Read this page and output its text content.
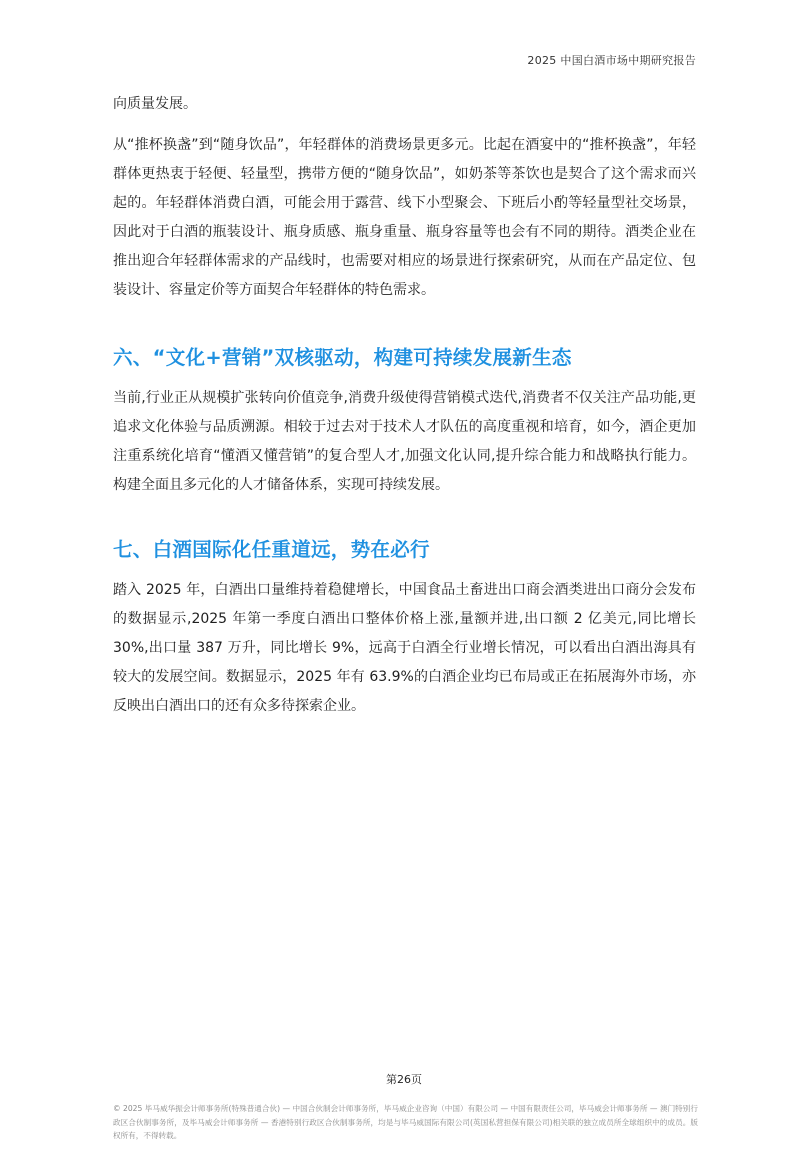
2025 中国白酒市场中期研究报告

向质量发展。

从“推杯换盏”到“随身饮品”，年轻群体的消费场景更多元。比起在酒宴中的“推杯换盏”，年轻群体更热衷于轻便、轻量型，携带方便的“随身饮品”，如奶茶等茶饮也是契合了这个需求而兴起的。年轻群体消费白酒，可能会用于露营、线下小型聚会、下班后小酌等轻量型社交场景，因此对于白酒的瓶装设计、瓶身质感、瓶身重量、瓶身容量等也会有不同的期待。酒类企业在推出迎合年轻群体需求的产品线时，也需要对相应的场景进行探索研究，从而在产品定位、包装设计、容量定价等方面契合年轻群体的特色需求。

六、“文化+营销”双核驱动，构建可持续发展新生态

当前,行业正从规模扩张转向价值竞争,消费升级使得营销模式迭代,消费者不仅关注产品功能,更追求文化体验与品质溯源。相较于过去对于技术人才队伍的高度重视和培育，如今，酒企更加注重系统化培育“懂酒又懂营销”的复合型人才,加强文化认同,提升综合能力和战略执行能力。构建全面且多元化的人才储备体系，实现可持续发展。

七、白酒国际化任重道远，势在必行

踏入 2025 年，白酒出口量维持着稳健增长，中国食品土畜进出口商会酒类进出口商分会发布的数据显示,2025 年第一季度白酒出口整体价格上涨,量额并进,出口额 2 亿美元,同比增长 30%,出口量 387 万升，同比增长 9%，远高于白酒全行业增长情况，可以看出白酒出海具有较大的发展空间。数据显示，2025 年有 63.9%的白酒企业均已布局或正在拓展海外市场，亦反映出白酒出口的还有众多待探索企业。

第26页
© 2025 毕马威华振会计师事务所(特殊普通合伙) — 中国合伙制会计师事务所，毕马威企业咨询（中国）有限公司 — 中国有限责任公司，毕马威会计师事务所 — 澳门特别行政区合伙制事务所，及毕马威会计师事务所 — 香港特别行政区合伙制事务所，均是与毕马威国际有限公司(英国私营担保有限公司)相关联的独立成员所全球组织中的成员。版权所有，不得转载。
